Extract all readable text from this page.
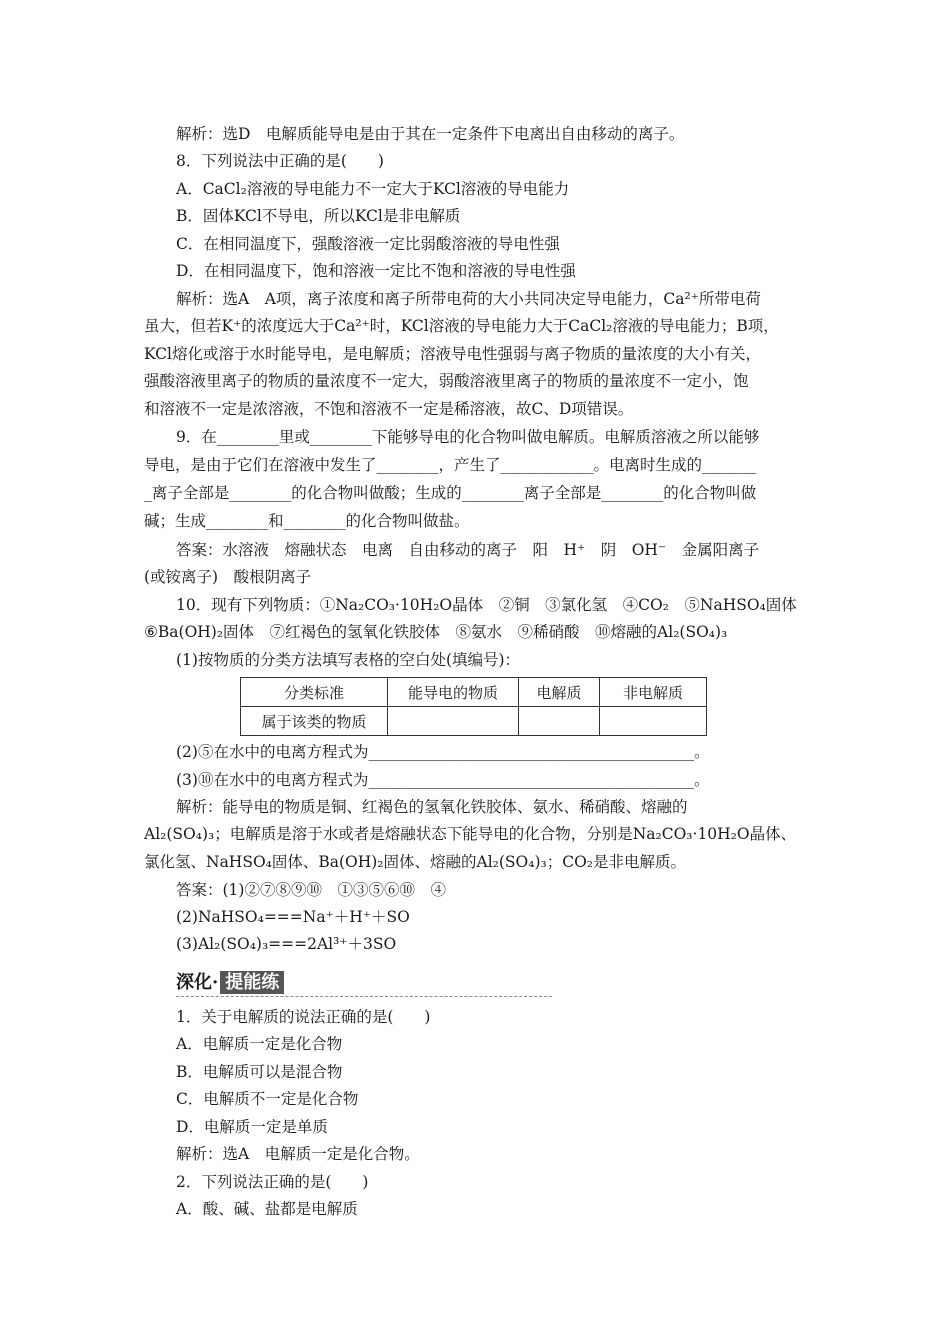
解析：选D　电解质能导电是由于其在一定条件下电离出自由移动的离子。
8．下列说法中正确的是(　　)
A．CaCl₂溶液的导电能力不一定大于KCl溶液的导电能力
B．固体KCl不导电，所以KCl是非电解质
C．在相同温度下，强酸溶液一定比弱酸溶液的导电性强
D．在相同温度下，饱和溶液一定比不饱和溶液的导电性强
解析：选A　A项，离子浓度和离子所带电荷的大小共同决定导电能力，Ca²⁺所带电荷
虽大，但若K⁺的浓度远大于Ca²⁺时，KCl溶液的导电能力大于CaCl₂溶液的导电能力；B项，
KCl熔化或溶于水时能导电，是电解质；溶液导电性强弱与离子物质的量浓度的大小有关，
强酸溶液里离子的物质的量浓度不一定大，弱酸溶液里离子的物质的量浓度不一定小，饱
和溶液不一定是浓溶液，不饱和溶液不一定是稀溶液，故C、D项错误。
9．在________里或________下能够导电的化合物叫做电解质。电解质溶液之所以能够
导电，是由于它们在溶液中发生了________，产生了____________。电离时生成的_______
_离子全部是________的化合物叫做酸；生成的________离子全部是________的化合物叫做
碱；生成________和________的化合物叫做盐。
答案：水溶液　熔融状态　电离　自由移动的离子　阳　H⁺　阴　OH⁻　金属阳离子
(或铵离子)　酸根阴离子
10．现有下列物质：①Na₂CO₃·10H₂O晶体　②铜　③氯化氢　④CO₂　⑤NaHSO₄固体
⑥Ba(OH)₂固体　⑦红褐色的氢氧化铁胶体　⑧氨水　⑨稀硝酸　⑩熔融的Al₂(SO₄)₃
(1)按物质的分类方法填写表格的空白处(填编号)：
分类标准	能导电的物质	电解质	非电解质
属于该类的物质			
(2)⑤在水中的电离方程式为__________________________________________。
(3)⑩在水中的电离方程式为__________________________________________。
解析：能导电的物质是铜、红褐色的氢氧化铁胶体、氨水、稀硝酸、熔融的
Al₂(SO₄)₃；电解质是溶于水或者是熔融状态下能导电的化合物，分别是Na₂CO₃·10H₂O晶体、
氯化氢、NaHSO₄固体、Ba(OH)₂固体、熔融的Al₂(SO₄)₃；CO₂是非电解质。
答案：(1)②⑦⑧⑨⑩　①③⑤⑥⑩　④
(2)NaHSO₄===Na⁺＋H⁺＋SO
(3)Al₂(SO₄)₃===2Al³⁺＋3SO
深化· 提能练
1．关于电解质的说法正确的是(　　)
A．电解质一定是化合物
B．电解质可以是混合物
C．电解质不一定是化合物
D．电解质一定是单质
解析：选A　电解质一定是化合物。
2．下列说法正确的是(　　)
A．酸、碱、盐都是电解质
